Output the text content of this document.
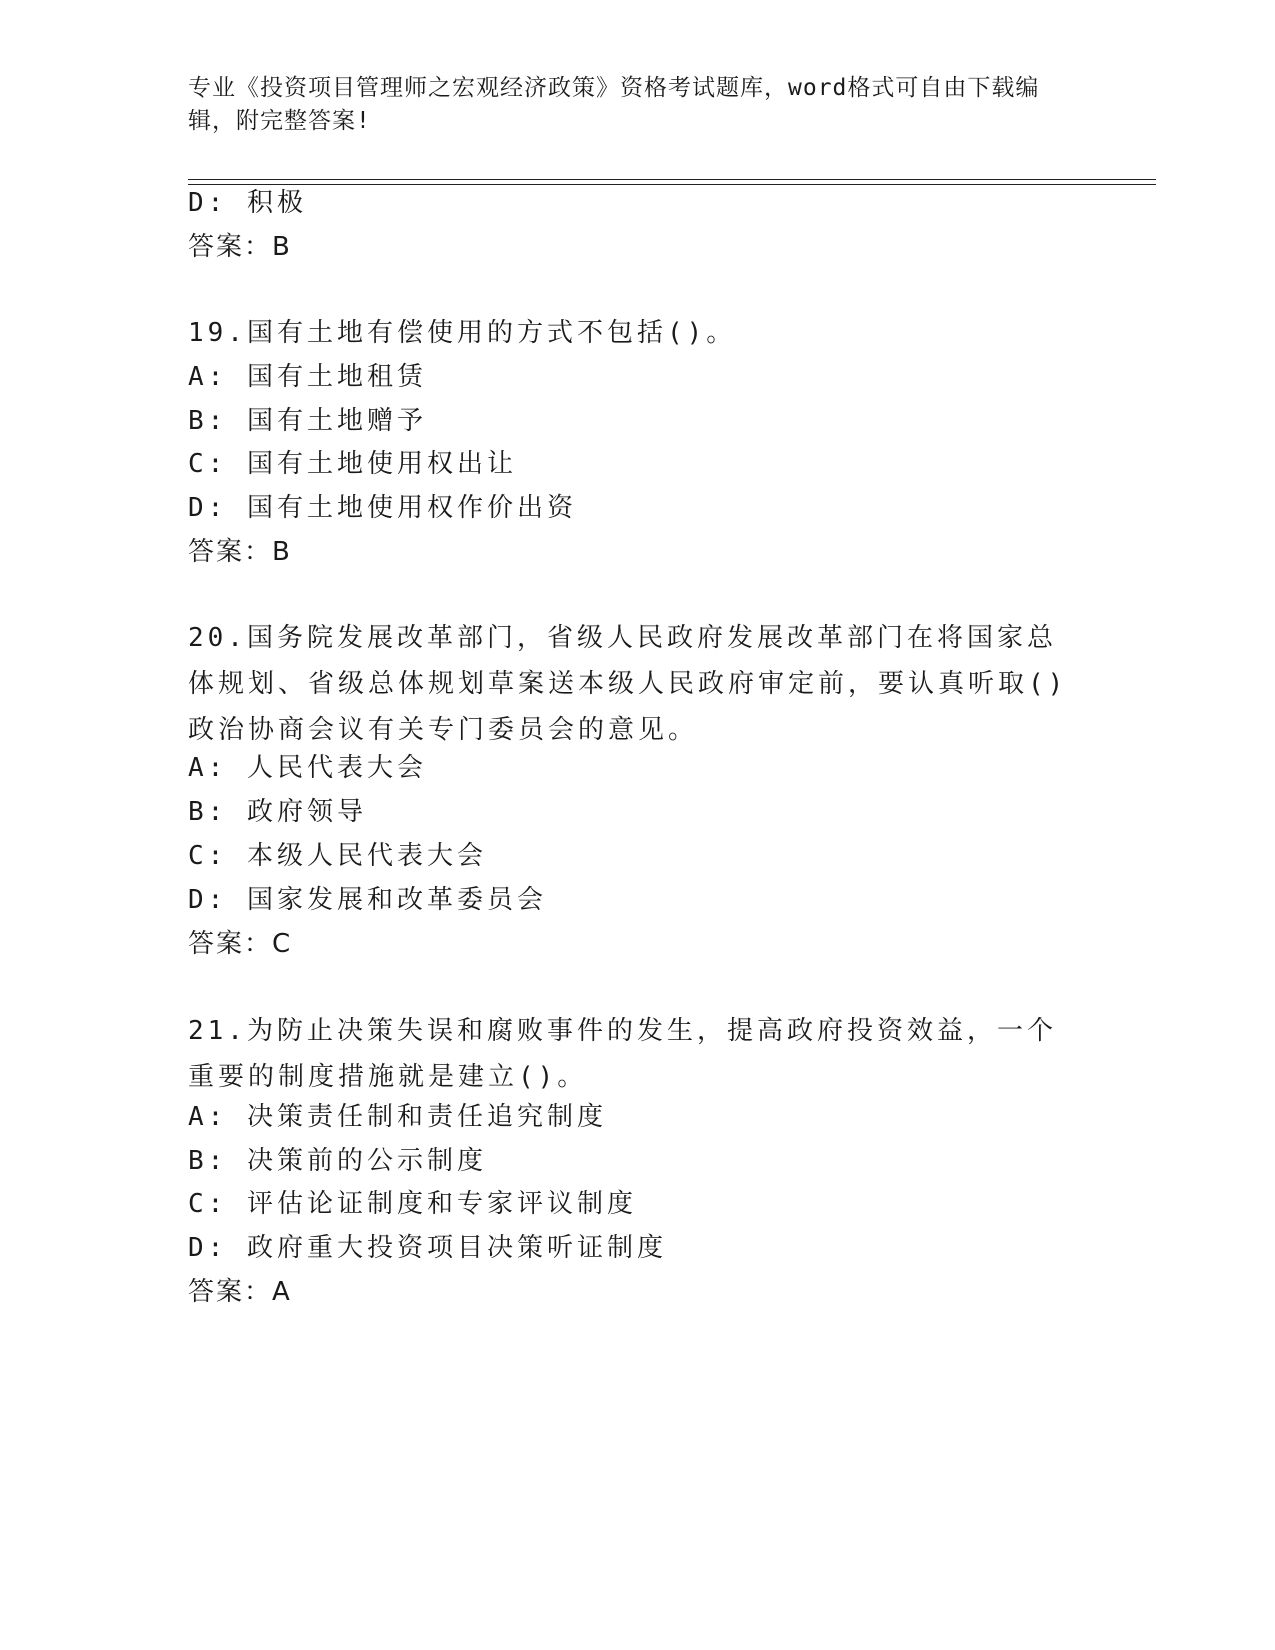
专业《投资项目管理师之宏观经济政策》资格考试题库，word格式可自由下载编辑，附完整答案!
D: 积极
答案：B
19.国有土地有偿使用的方式不包括()。
A: 国有土地租赁
B: 国有土地赠予
C: 国有土地使用权出让
D: 国有土地使用权作价出资
答案：B
20.国务院发展改革部门，省级人民政府发展改革部门在将国家总体规划、省级总体规划草案送本级人民政府审定前，要认真听取()政治协商会议有关专门委员会的意见。
A: 人民代表大会
B: 政府领导
C: 本级人民代表大会
D: 国家发展和改革委员会
答案：C
21.为防止决策失误和腐败事件的发生，提高政府投资效益，一个重要的制度措施就是建立()。
A: 决策责任制和责任追究制度
B: 决策前的公示制度
C: 评估论证制度和专家评议制度
D: 政府重大投资项目决策听证制度
答案：A
